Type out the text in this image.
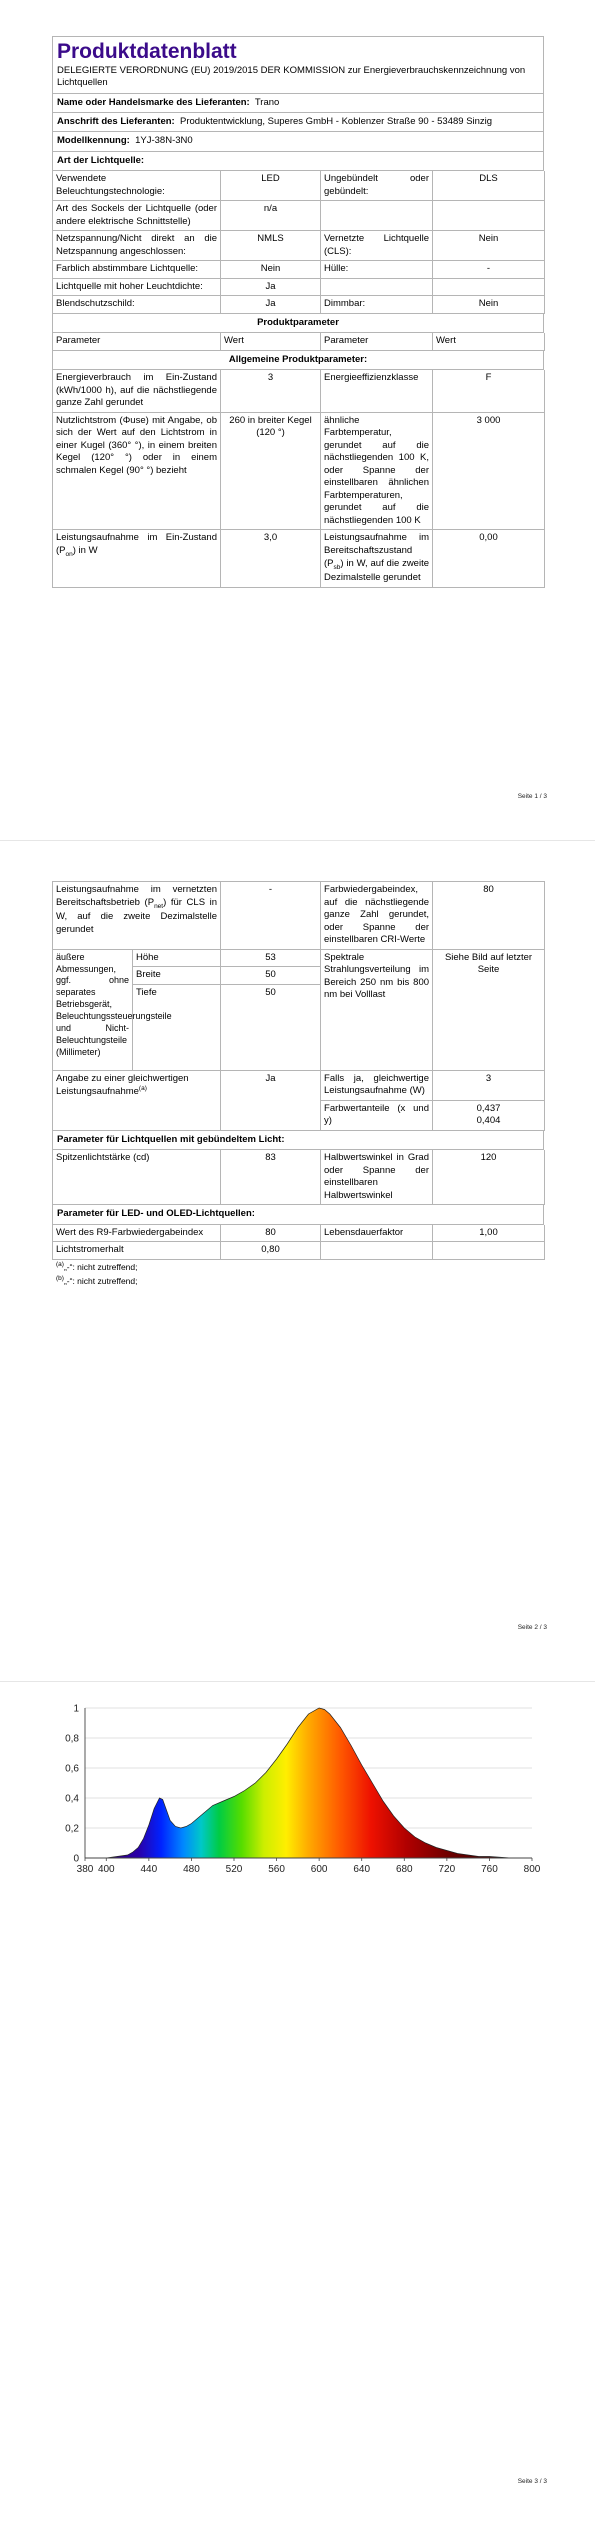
Produktdatenblatt
DELEGIERTE VERORDNUNG (EU) 2019/2015 DER KOMMISSION zur Energieverbrauchskennzeichnung von Lichtquellen
Name oder Handelsmarke des Lieferanten: Trano
Anschrift des Lieferanten: Produktentwicklung, Superes GmbH - Koblenzer Straße 90 - 53489 Sinzig
Modellkennung: 1YJ-38N-3N0
Art der Lichtquelle:
Verwendete Beleuchtungstechnologie:	LED	Ungebündelt oder gebündelt:	DLS
Art des Sockels der Lichtquelle (oder andere elektrische Schnittstelle)	n/a		
Netzspannung/Nicht direkt an die Netzspannung angeschlossen:	NMLS	Vernetzte Lichtquelle (CLS):	Nein
Farblich abstimmbare Lichtquelle:	Nein	Hülle:	-
Lichtquelle mit hoher Leuchtdichte:	Ja		
Blendschutzschild:	Ja	Dimmbar:	Nein
Produktparameter
Parameter	Wert	Parameter	Wert
Allgemeine Produktparameter:
Energieverbrauch im Ein-Zustand (kWh/1000 h), auf die nächstliegende ganze Zahl gerundet	3	Energieeffizienzklasse	F
Nutzlichtstrom (Φuse) mit Angabe, ob sich der Wert auf den Lichtstrom in einer Kugel (360° °), in einem breiten Kegel (120° °) oder in einem schmalen Kegel (90° °) bezieht	260 in breiter Kegel (120 °)	ähnliche Farbtemperatur, gerundet auf die nächstliegenden 100 K, oder Spanne der einstellbaren ähnlichen Farbtemperaturen, gerundet auf die nächstliegenden 100 K	3 000
Leistungsaufnahme im Ein-Zustand $(P_{on})$ in W	3,0	Leistungsaufnahme im Bereitschaftszustand $(P_{sb})$ in W, auf die zweite Dezimalstelle gerundet	0,00
Seite 1 / 3
Leistungsaufnahme im vernetzten Bereitschaftsbetrieb $(P_{net})$ für CLS in W, auf die zweite Dezimalstelle gerundet		-	Farbwiedergabeindex, auf die nächstliegende ganze Zahl gerundet, oder Spanne der einstellbaren CRI-Werte	80
äußere Abmessungen, ggf. ohne separates Betriebsgerät, Beleuchtungssteuerungsteile und Nicht-Beleuchtungsteile (Millimeter)	Höhe	53	Spektrale Strahlungsverteilung im Bereich 250 nm bis 800 nm bei Volllast	Siehe Bild auf letzter Seite
	Breite	50		
	Tiefe	50		
Angabe zu einer gleichwertigen Leistungsaufnahme$^{(a)}$		Ja	Falls ja, gleichwertige Leistungsaufnahme (W)	3
			Farbwertanteile (x und y)	0,437
0,404
Parameter für Lichtquellen mit gebündeltem Licht:
Spitzenlichtstärke (cd)	83	Halbwertswinkel in Grad oder Spanne der einstellbaren Halbwertswinkel	120
Parameter für LED- und OLED-Lichtquellen:
Wert des R9-Farbwiedergabeindex	80	Lebensdauerfaktor	1,00
Lichtstromerhalt	0,80		
$^{(a)}$„-“: nicht zutreffend;
$^{(b)}$„-“: nicht zutreffend;
Seite 2 / 3
0
0,2
0,4
0,6
0,8
1
380 400	440	480	520	560	600	640	680	720	760	800
Seite 3 / 3
